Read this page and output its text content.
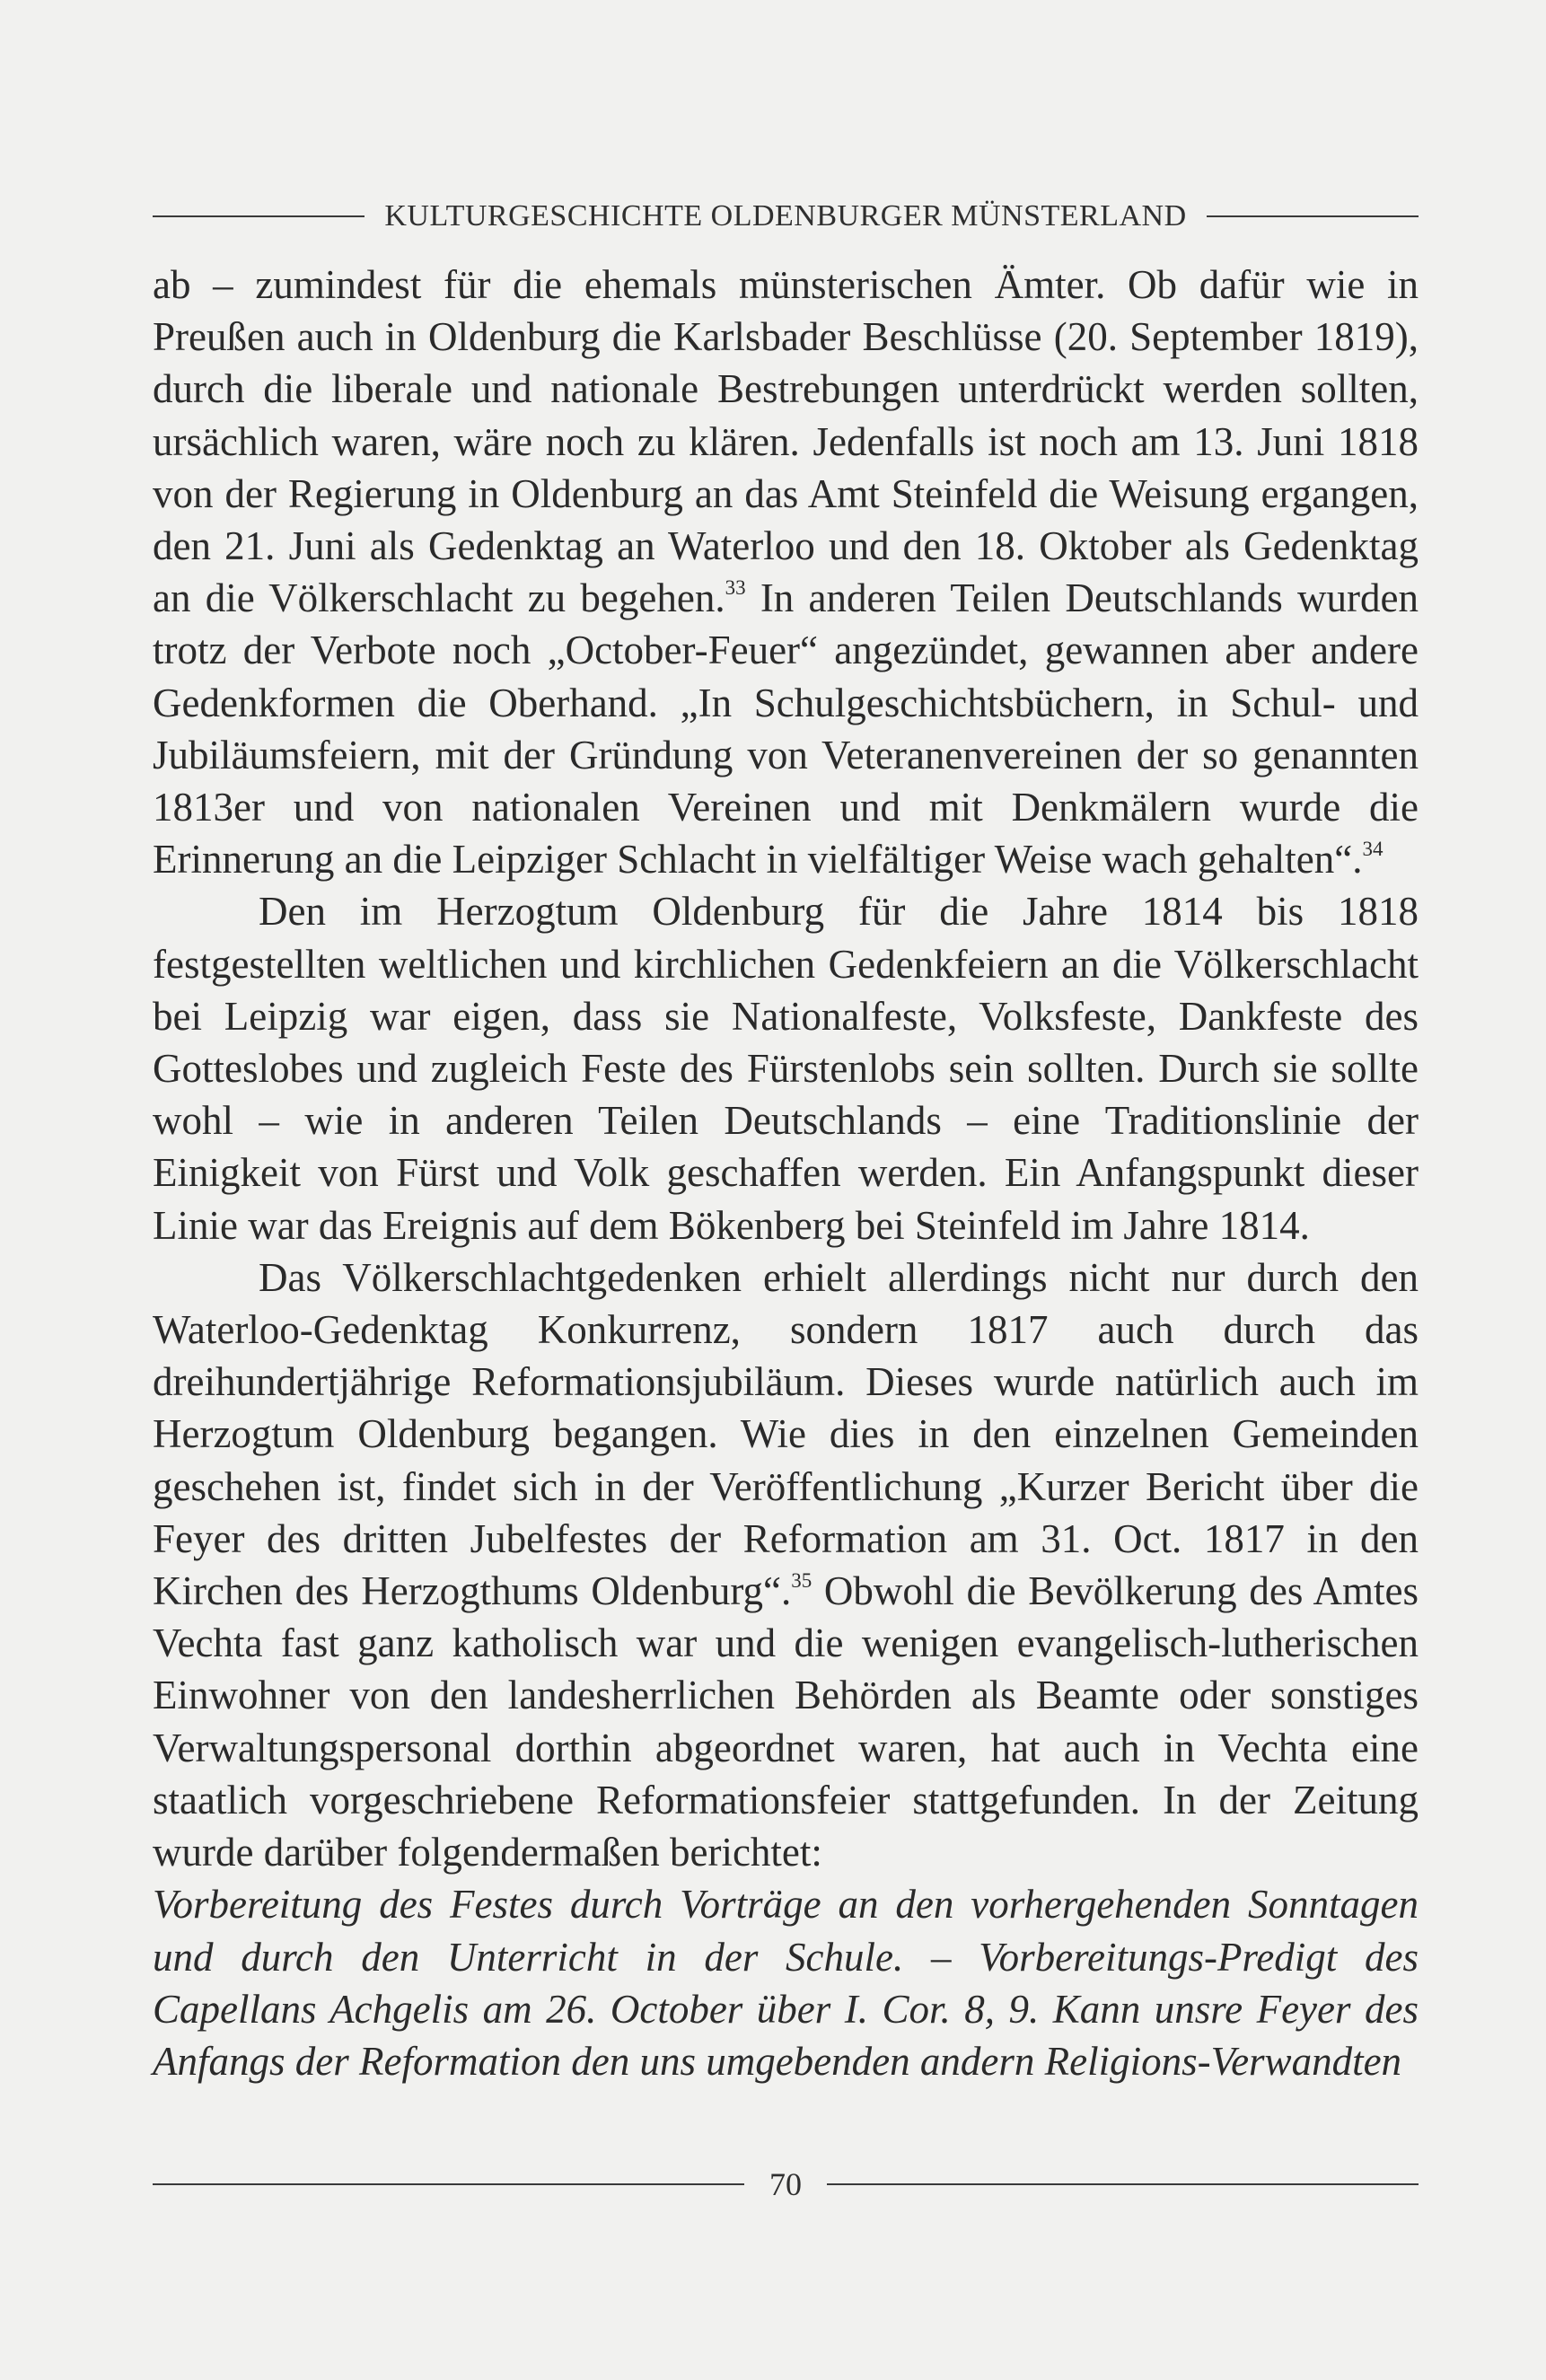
KULTURGESCHICHTE OLDENBURGER MÜNSTERLAND

ab – zumindest für die ehemals münsterischen Ämter. Ob dafür wie in Preußen auch in Oldenburg die Karlsbader Beschlüsse (20. September 1819), durch die liberale und nationale Bestrebungen unterdrückt werden sollten, ursächlich waren, wäre noch zu klären. Jedenfalls ist noch am 13. Juni 1818 von der Regierung in Oldenburg an das Amt Steinfeld die Weisung ergangen, den 21. Juni als Gedenktag an Waterloo und den 18. Oktober als Gedenktag an die Völkerschlacht zu begehen.$^{33}$ In anderen Teilen Deutschlands wurden trotz der Verbote noch „October-Feuer“ angezündet, gewannen aber andere Gedenkformen die Oberhand. „In Schulgeschichtsbüchern, in Schul- und Jubiläumsfeiern, mit der Gründung von Veteranenvereinen der so genannten 1813er und von nationalen Vereinen und mit Denkmälern wurde die Erinnerung an die Leipziger Schlacht in vielfältiger Weise wach gehalten“.$^{34}$

Den im Herzogtum Oldenburg für die Jahre 1814 bis 1818 festgestellten weltlichen und kirchlichen Gedenkfeiern an die Völkerschlacht bei Leipzig war eigen, dass sie Nationalfeste, Volksfeste, Dankfeste des Gotteslobes und zugleich Feste des Fürstenlobs sein sollten. Durch sie sollte wohl – wie in anderen Teilen Deutschlands – eine Traditionslinie der Einigkeit von Fürst und Volk geschaffen werden. Ein Anfangspunkt dieser Linie war das Ereignis auf dem Bökenberg bei Steinfeld im Jahre 1814.

Das Völkerschlachtgedenken erhielt allerdings nicht nur durch den Waterloo-Gedenktag Konkurrenz, sondern 1817 auch durch das dreihundertjährige Reformationsjubiläum. Dieses wurde natürlich auch im Herzogtum Oldenburg begangen. Wie dies in den einzelnen Gemeinden geschehen ist, findet sich in der Veröffentlichung „Kurzer Bericht über die Feyer des dritten Jubelfestes der Reformation am 31. Oct. 1817 in den Kirchen des Herzogthums Oldenburg“.$^{35}$ Obwohl die Bevölkerung des Amtes Vechta fast ganz katholisch war und die wenigen evangelisch-lutherischen Einwohner von den landesherrlichen Behörden als Beamte oder sonstiges Verwaltungspersonal dorthin abgeordnet waren, hat auch in Vechta eine staatlich vorgeschriebene Reformationsfeier stattgefunden. In der Zeitung wurde darüber folgendermaßen berichtet:

Vorbereitung des Festes durch Vorträge an den vorhergehenden Sonntagen und durch den Unterricht in der Schule. – Vorbereitungs-Predigt des Capellans Achgelis am 26. October über I. Cor. 8, 9. Kann unsre Feyer des Anfangs der Reformation den uns umgebenden andern Religions-Verwandten

70
